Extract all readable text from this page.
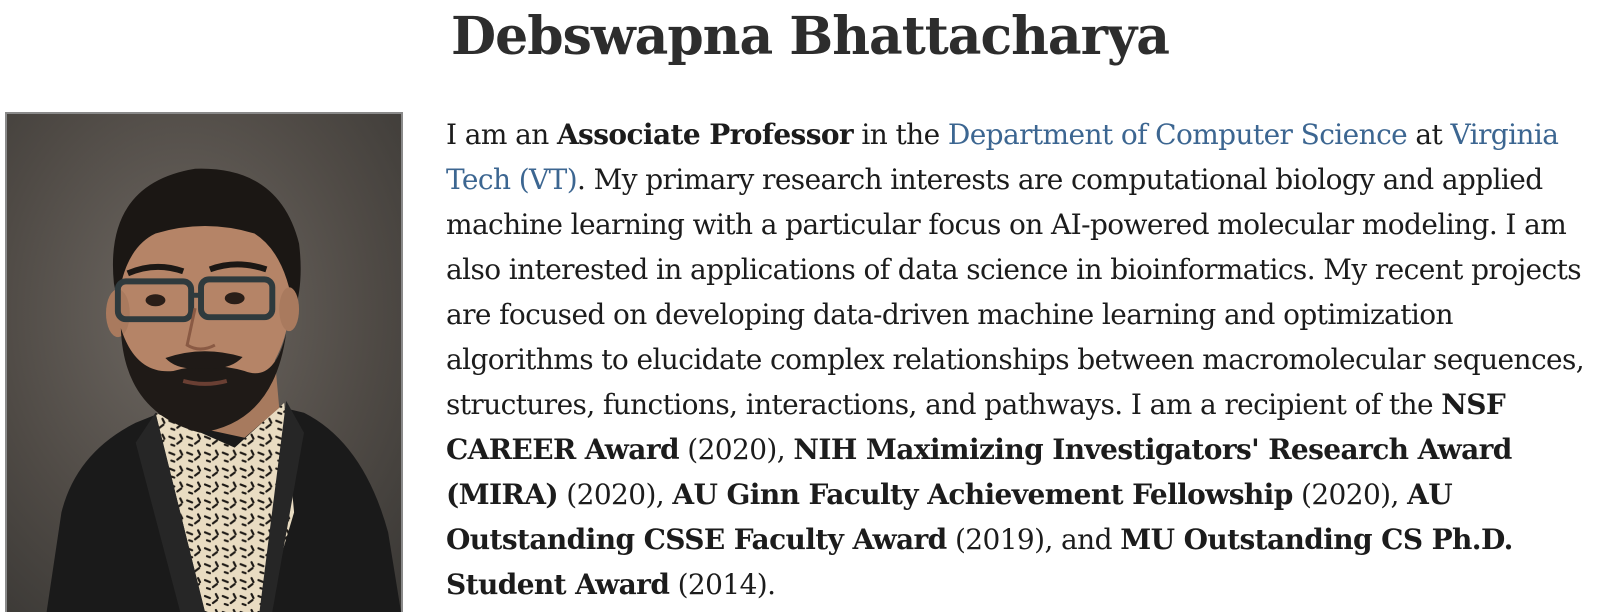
Debswapna Bhattacharya

I am an Associate Professor in the Department of Computer Science at Virginia Tech (VT). My primary research interests are computational biology and applied machine learning with a particular focus on AI-powered molecular modeling. I am also interested in applications of data science in bioinformatics. My recent projects are focused on developing data-driven machine learning and optimization algorithms to elucidate complex relationships between macromolecular sequences, structures, functions, interactions, and pathways. I am a recipient of the NSF CAREER Award (2020), NIH Maximizing Investigators' Research Award (MIRA) (2020), AU Ginn Faculty Achievement Fellowship (2020), AU Outstanding CSSE Faculty Award (2019), and MU Outstanding CS Ph.D. Student Award (2014).
